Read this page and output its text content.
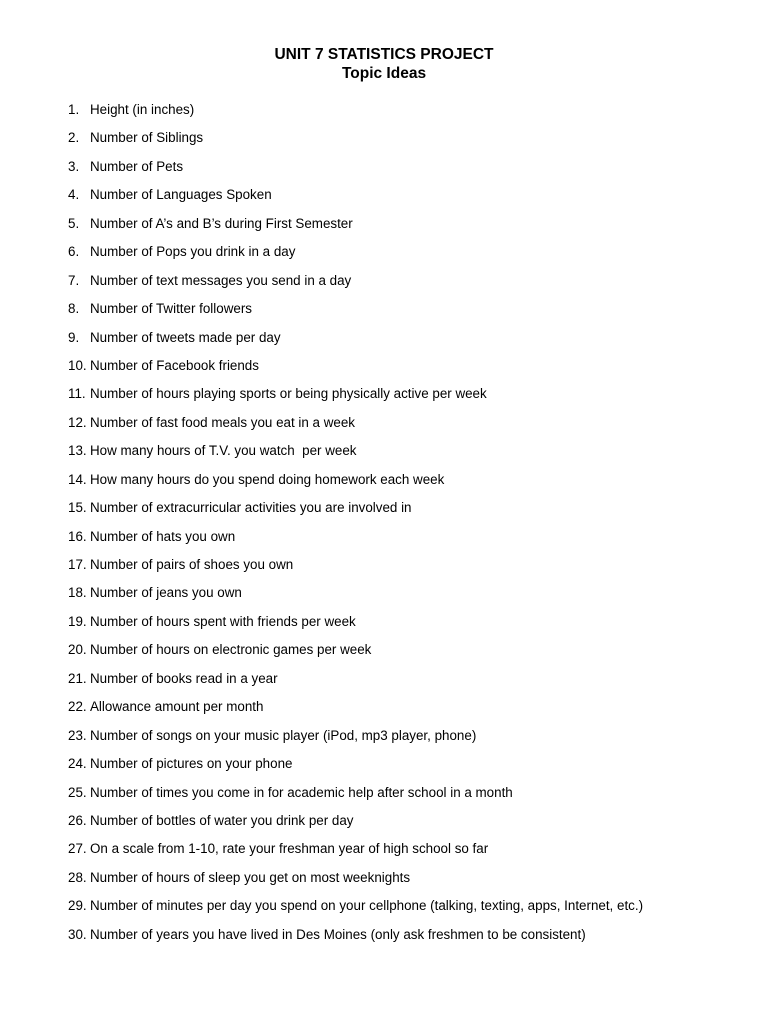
UNIT 7 STATISTICS PROJECT
Topic Ideas
1. Height (in inches)
2. Number of Siblings
3. Number of Pets
4. Number of Languages Spoken
5. Number of A’s and B’s during First Semester
6. Number of Pops you drink in a day
7. Number of text messages you send in a day
8. Number of Twitter followers
9. Number of tweets made per day
10. Number of Facebook friends
11. Number of hours playing sports or being physically active per week
12. Number of fast food meals you eat in a week
13. How many hours of T.V. you watch  per week
14. How many hours do you spend doing homework each week
15. Number of extracurricular activities you are involved in
16. Number of hats you own
17. Number of pairs of shoes you own
18. Number of jeans you own
19. Number of hours spent with friends per week
20. Number of hours on electronic games per week
21. Number of books read in a year
22. Allowance amount per month
23. Number of songs on your music player (iPod, mp3 player, phone)
24. Number of pictures on your phone
25. Number of times you come in for academic help after school in a month
26. Number of bottles of water you drink per day
27. On a scale from 1-10, rate your freshman year of high school so far
28. Number of hours of sleep you get on most weeknights
29. Number of minutes per day you spend on your cellphone (talking, texting, apps, Internet, etc.)
30. Number of years you have lived in Des Moines (only ask freshmen to be consistent)
